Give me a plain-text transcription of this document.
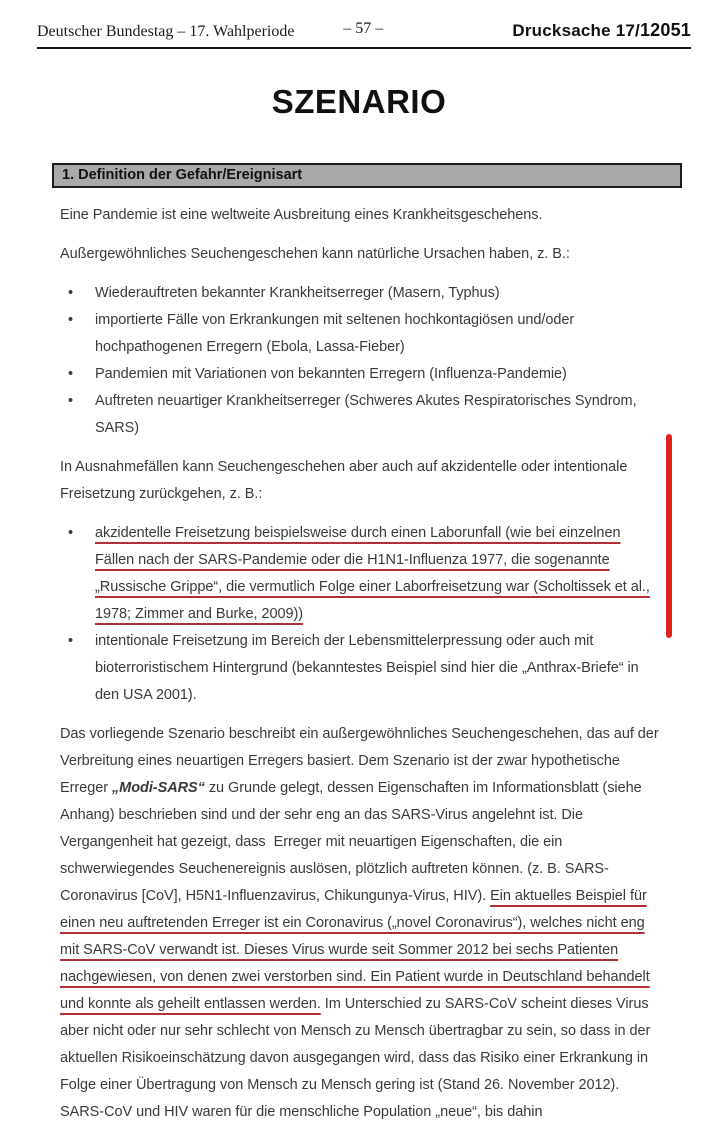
Deutscher Bundestag – 17. Wahlperiode	– 57 –	Drucksache 17/12051
SZENARIO
1. Definition der Gefahr/Ereignisart

Eine Pandemie ist eine weltweite Ausbreitung eines Krankheitsgeschehens.

Außergewöhnliches Seuchengeschehen kann natürliche Ursachen haben, z. B.:

• Wiederauftreten bekannter Krankheitserreger (Masern, Typhus)
• importierte Fälle von Erkrankungen mit seltenen hochkontagiösen und/oder hochpathogenen Erregern (Ebola, Lassa-Fieber)
• Pandemien mit Variationen von bekannten Erregern (Influenza-Pandemie)
• Auftreten neuartiger Krankheitserreger (Schweres Akutes Respiratorisches Syndrom, SARS)

In Ausnahmefällen kann Seuchengeschehen aber auch auf akzidentelle oder intentionale Freisetzung zurückgehen, z. B.:

• akzidentelle Freisetzung beispielsweise durch einen Laborunfall (wie bei einzelnen Fällen nach der SARS-Pandemie oder die H1N1-Influenza 1977, die sogenannte „Russische Grippe“, die vermutlich Folge einer Laborfreisetzung war (Scholtissek et al., 1978; Zimmer and Burke, 2009))
• intentionale Freisetzung im Bereich der Lebensmittelerpressung oder auch mit bioterroristischem Hintergrund (bekanntestes Beispiel sind hier die „Anthrax-Briefe“ in den USA 2001).

Das vorliegende Szenario beschreibt ein außergewöhnliches Seuchengeschehen, das auf der Verbreitung eines neuartigen Erregers basiert. Dem Szenario ist der zwar hypothetische Erreger „Modi-SARS“ zu Grunde gelegt, dessen Eigenschaften im Informationsblatt (siehe Anhang) beschrieben sind und der sehr eng an das SARS-Virus angelehnt ist. Die Vergangenheit hat gezeigt, dass  Erreger mit neuartigen Eigenschaften, die ein schwerwiegendes Seuchenereignis auslösen, plötzlich auftreten können. (z. B. SARS-Coronavirus [CoV], H5N1-Influenzavirus, Chikungunya-Virus, HIV). Ein aktuelles Beispiel für einen neu auftretenden Erreger ist ein Coronavirus („novel Coronavirus“), welches nicht eng mit SARS-CoV verwandt ist. Dieses Virus wurde seit Sommer 2012 bei sechs Patienten nachgewiesen, von denen zwei verstorben sind. Ein Patient wurde in Deutschland behandelt und konnte als geheilt entlassen werden. Im Unterschied zu SARS-CoV scheint dieses Virus aber nicht oder nur sehr schlecht von Mensch zu Mensch übertragbar zu sein, so dass in der aktuellen Risikoeinschätzung davon ausgegangen wird, dass das Risiko einer Erkrankung in Folge einer Übertragung von Mensch zu Mensch gering ist (Stand 26. November 2012). SARS-CoV und HIV waren für die menschliche Population „neue“, bis dahin
